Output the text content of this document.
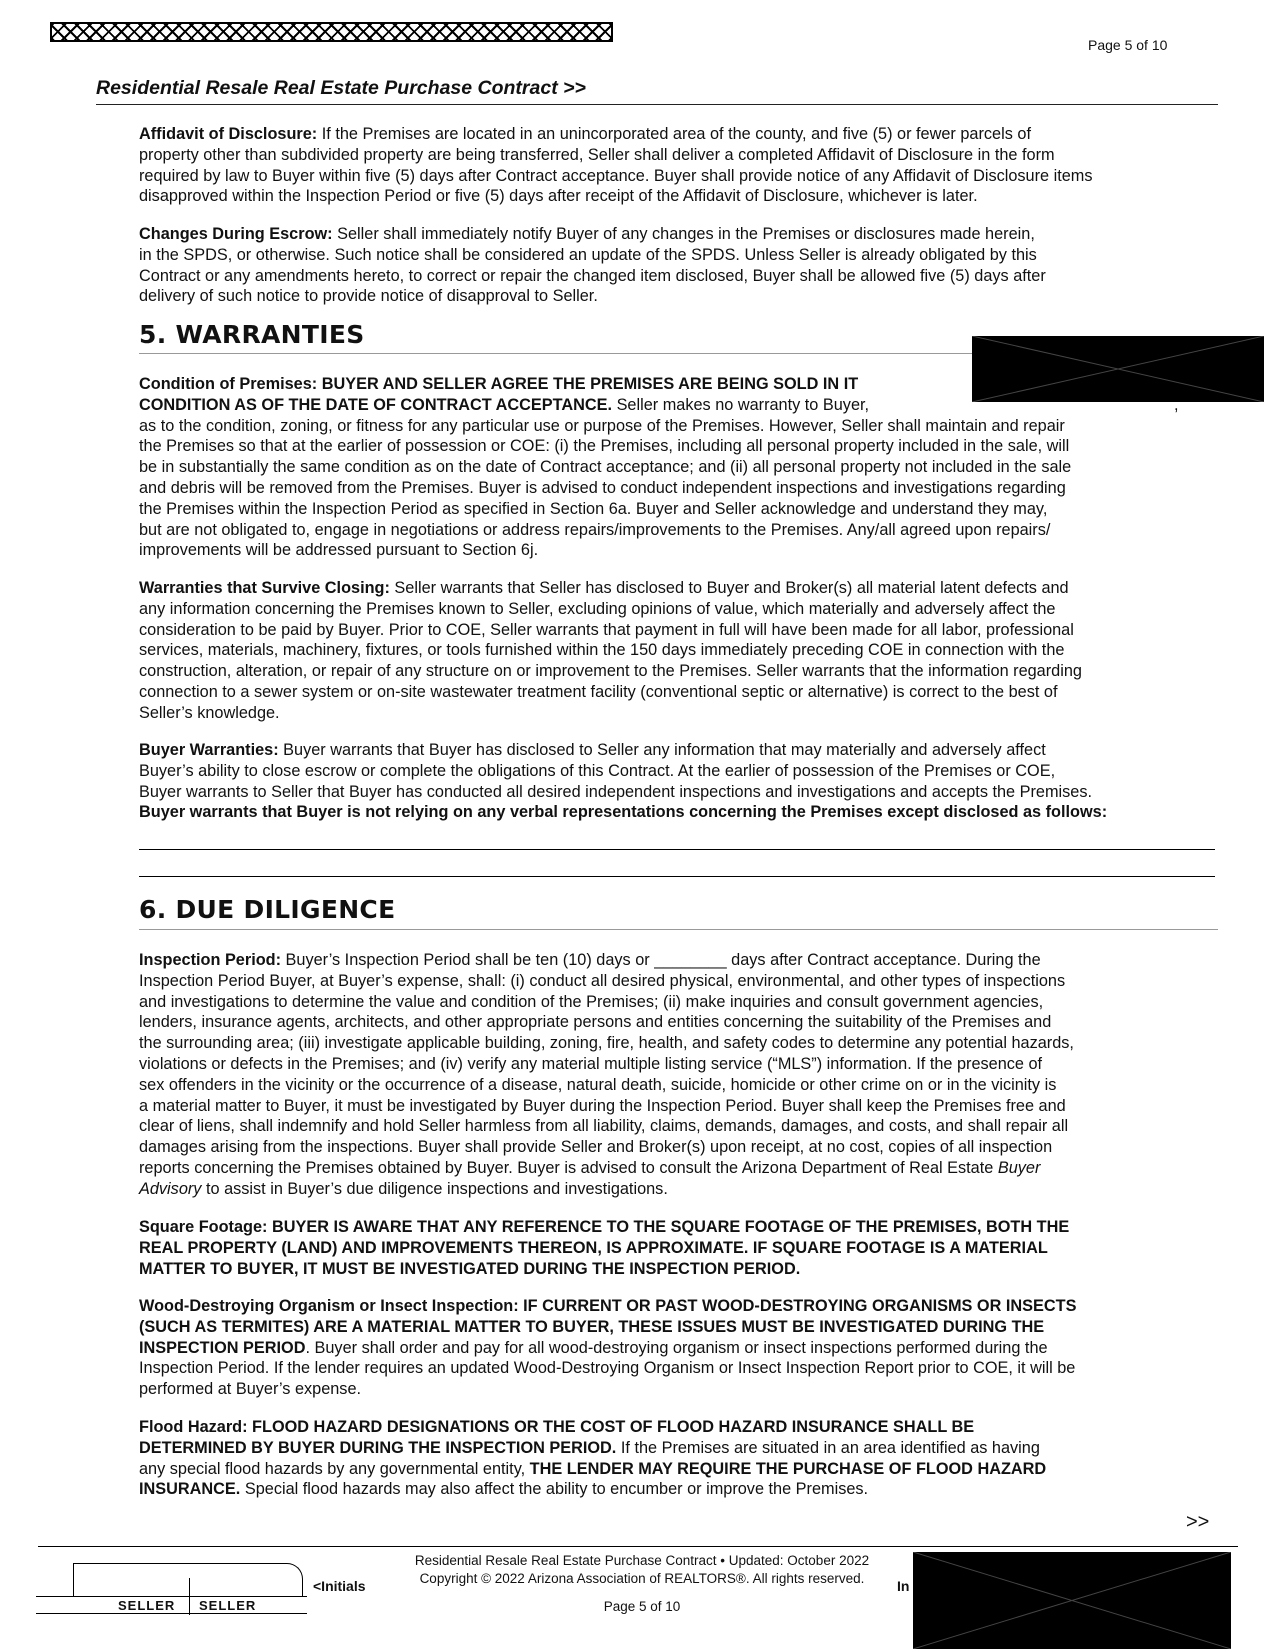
Page 5 of 10
Residential Resale Real Estate Purchase Contract >>
Affidavit of Disclosure: If the Premises are located in an unincorporated area of the county, and five (5) or fewer parcels of
property other than subdivided property are being transferred, Seller shall deliver a completed Affidavit of Disclosure in the form
required by law to Buyer within five (5) days after Contract acceptance. Buyer shall provide notice of any Affidavit of Disclosure items
disapproved within the Inspection Period or five (5) days after receipt of the Affidavit of Disclosure, whichever is later.
Changes During Escrow: Seller shall immediately notify Buyer of any changes in the Premises or disclosures made herein,
in the SPDS, or otherwise. Such notice shall be considered an update of the SPDS. Unless Seller is already obligated by this
Contract or any amendments hereto, to correct or repair the changed item disclosed, Buyer shall be allowed five (5) days after
delivery of such notice to provide notice of disapproval to Seller.
5. WARRANTIES
Condition of Premises: BUYER AND SELLER AGREE THE PREMISES ARE BEING SOLD IN IT
CONDITION AS OF THE DATE OF CONTRACT ACCEPTANCE. Seller makes no warranty to Buyer,	,
as to the condition, zoning, or fitness for any particular use or purpose of the Premises. However, Seller shall maintain and repair
the Premises so that at the earlier of possession or COE: (i) the Premises, including all personal property included in the sale, will
be in substantially the same condition as on the date of Contract acceptance; and (ii) all personal property not included in the sale
and debris will be removed from the Premises. Buyer is advised to conduct independent inspections and investigations regarding
the Premises within the Inspection Period as specified in Section 6a. Buyer and Seller acknowledge and understand they may,
but are not obligated to, engage in negotiations or address repairs/improvements to the Premises. Any/all agreed upon repairs/
improvements will be addressed pursuant to Section 6j.
Warranties that Survive Closing: Seller warrants that Seller has disclosed to Buyer and Broker(s) all material latent defects and
any information concerning the Premises known to Seller, excluding opinions of value, which materially and adversely affect the
consideration to be paid by Buyer. Prior to COE, Seller warrants that payment in full will have been made for all labor, professional
services, materials, machinery, fixtures, or tools furnished within the 150 days immediately preceding COE in connection with the
construction, alteration, or repair of any structure on or improvement to the Premises. Seller warrants that the information regarding
connection to a sewer system or on-site wastewater treatment facility (conventional septic or alternative) is correct to the best of
Seller’s knowledge.
Buyer Warranties: Buyer warrants that Buyer has disclosed to Seller any information that may materially and adversely affect
Buyer’s ability to close escrow or complete the obligations of this Contract. At the earlier of possession of the Premises or COE,
Buyer warrants to Seller that Buyer has conducted all desired independent inspections and investigations and accepts the Premises.
Buyer warrants that Buyer is not relying on any verbal representations concerning the Premises except disclosed as follows:
6. DUE DILIGENCE
Inspection Period: Buyer’s Inspection Period shall be ten (10) days or ________ days after Contract acceptance. During the
Inspection Period Buyer, at Buyer’s expense, shall: (i) conduct all desired physical, environmental, and other types of inspections
and investigations to determine the value and condition of the Premises; (ii) make inquiries and consult government agencies,
lenders, insurance agents, architects, and other appropriate persons and entities concerning the suitability of the Premises and
the surrounding area; (iii) investigate applicable building, zoning, fire, health, and safety codes to determine any potential hazards,
violations or defects in the Premises; and (iv) verify any material multiple listing service (“MLS”) information. If the presence of
sex offenders in the vicinity or the occurrence of a disease, natural death, suicide, homicide or other crime on or in the vicinity is
a material matter to Buyer, it must be investigated by Buyer during the Inspection Period. Buyer shall keep the Premises free and
clear of liens, shall indemnify and hold Seller harmless from all liability, claims, demands, damages, and costs, and shall repair all
damages arising from the inspections. Buyer shall provide Seller and Broker(s) upon receipt, at no cost, copies of all inspection
reports concerning the Premises obtained by Buyer. Buyer is advised to consult the Arizona Department of Real Estate Buyer
Advisory to assist in Buyer’s due diligence inspections and investigations.
Square Footage: BUYER IS AWARE THAT ANY REFERENCE TO THE SQUARE FOOTAGE OF THE PREMISES, BOTH THE
REAL PROPERTY (LAND) AND IMPROVEMENTS THEREON, IS APPROXIMATE. IF SQUARE FOOTAGE IS A MATERIAL
MATTER TO BUYER, IT MUST BE INVESTIGATED DURING THE INSPECTION PERIOD.
Wood-Destroying Organism or Insect Inspection: IF CURRENT OR PAST WOOD-DESTROYING ORGANISMS OR INSECTS
(SUCH AS TERMITES) ARE A MATERIAL MATTER TO BUYER, THESE ISSUES MUST BE INVESTIGATED DURING THE
INSPECTION PERIOD. Buyer shall order and pay for all wood-destroying organism or insect inspections performed during the
Inspection Period. If the lender requires an updated Wood-Destroying Organism or Insect Inspection Report prior to COE, it will be
performed at Buyer’s expense.
Flood Hazard: FLOOD HAZARD DESIGNATIONS OR THE COST OF FLOOD HAZARD INSURANCE SHALL BE
DETERMINED BY BUYER DURING THE INSPECTION PERIOD. If the Premises are situated in an area identified as having
any special flood hazards by any governmental entity, THE LENDER MAY REQUIRE THE PURCHASE OF FLOOD HAZARD
INSURANCE. Special flood hazards may also affect the ability to encumber or improve the Premises.
>>
SELLER SELLER
<Initials
Residential Resale Real Estate Purchase Contract • Updated: October 2022
Copyright © 2022 Arizona Association of REALTORS®. All rights reserved.
Page 5 of 10
In
